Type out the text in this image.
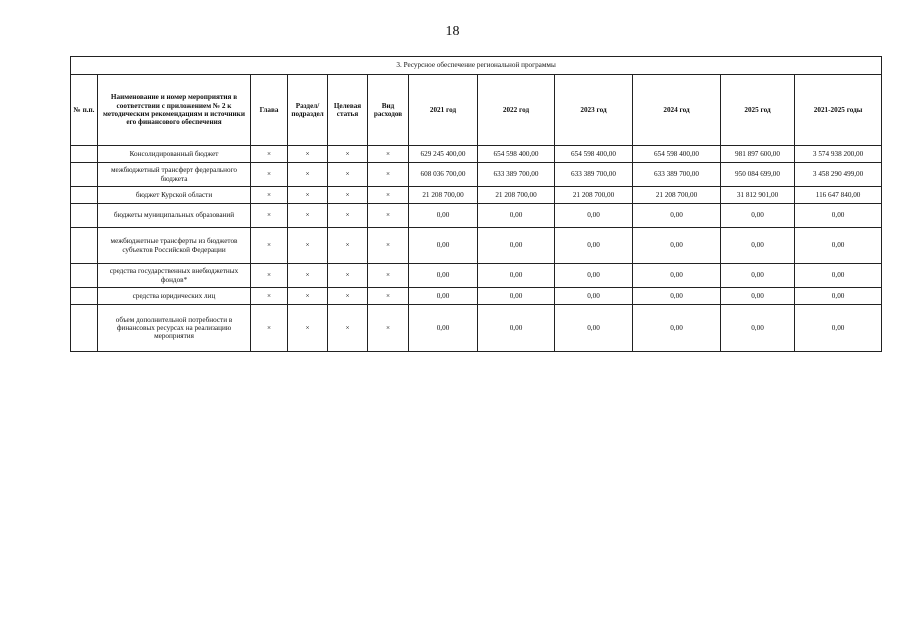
18
3. Ресурсное обеспечение региональной программы											
№ п.п.	Наименование и номер мероприятия в соответствии с приложением № 2 к методическим рекомендациям и источники его финансового обеспечения	Глава	Раздел/ подраздел	Целевая статья	Вид расходов	2021 год	2022 год	2023 год	2024 год	2025 год	2021-2025 годы
	Консолидированный бюджет	×	×	×	×	629 245 400,00	654 598 400,00	654 598 400,00	654 598 400,00	981 897 600,00	3 574 938 200,00
	межбюджетный трансферт федерального бюджета	×	×	×	×	608 036 700,00	633 389 700,00	633 389 700,00	633 389 700,00	950 084 699,00	3 458 290 499,00
	бюджет Курской области	×	×	×	×	21 208 700,00	21 208 700,00	21 208 700,00	21 208 700,00	31 812 901,00	116 647 840,00
	бюджеты муниципальных образований	×	×	×	×	0,00	0,00	0,00	0,00	0,00	0,00
	межбюджетные трансферты из бюджетов субъектов Российской Федерации	×	×	×	×	0,00	0,00	0,00	0,00	0,00	0,00
	средства государственных внебюджетных фондов*	×	×	×	×	0,00	0,00	0,00	0,00	0,00	0,00
	средства юридических лиц	×	×	×	×	0,00	0,00	0,00	0,00	0,00	0,00
	объем дополнительной потребности в финансовых ресурсах на реализацию мероприятия	×	×	×	×	0,00	0,00	0,00	0,00	0,00	0,00
